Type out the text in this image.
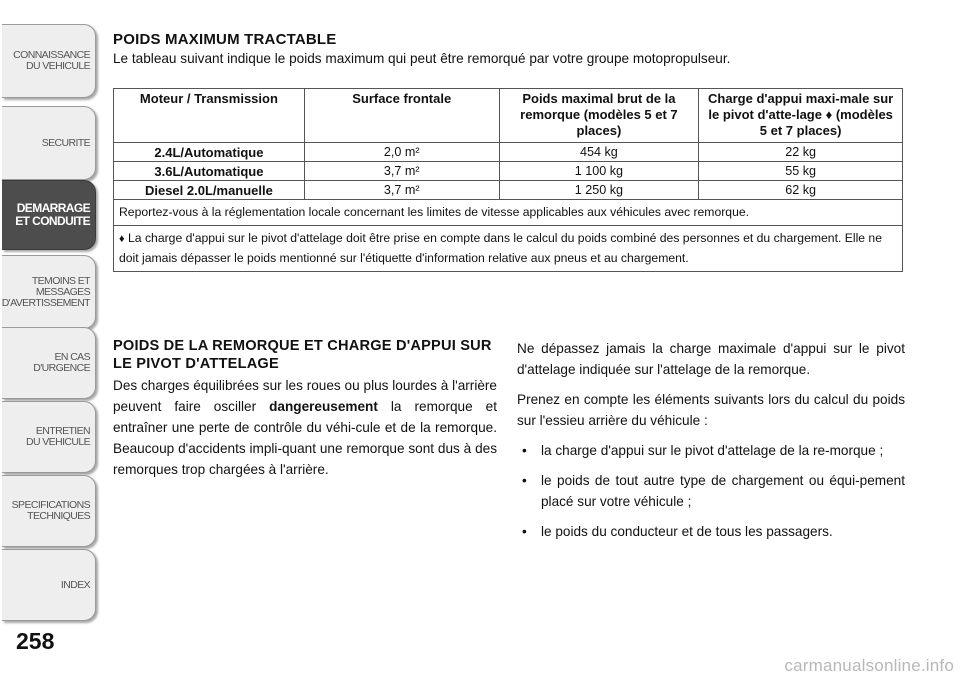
CONNAISSANCE
DU VEHICULE
SECURITE
DEMARRAGE
ET CONDUITE
TEMOINS ET
MESSAGES
D'AVERTISSEMENT
EN CAS
D'URGENCE
ENTRETIEN
DU VEHICULE
SPECIFICATIONS
TECHNIQUES
INDEX
258
POIDS MAXIMUM TRACTABLE
Le tableau suivant indique le poids maximum qui peut être remorqué par votre groupe motopropulseur.
Moteur / Transmission	Surface frontale	Poids maximal brut de la remorque (modèles 5 et 7 places)	Charge d'appui maxi-male sur le pivot d'atte-lage ♦ (modèles 5 et 7 places)
2.4L/Automatique	2,0 m²	454 kg	22 kg
3.6L/Automatique	3,7 m²	1 100 kg	55 kg
Diesel 2.0L/manuelle	3,7 m²	1 250 kg	62 kg
Reportez-vous à la réglementation locale concernant les limites de vitesse applicables aux véhicules avec remorque.			
♦ La charge d'appui sur le pivot d'attelage doit être prise en compte dans le calcul du poids combiné des personnes et du chargement. Elle ne doit jamais dépasser le poids mentionné sur l'étiquette d'information relative aux pneus et au chargement.			
POIDS DE LA REMORQUE ET CHARGE D'APPUI SUR LE PIVOT D'ATTELAGE

Des charges équilibrées sur les roues ou plus lourdes à l'arrière peuvent faire osciller dangereusement la remorque et entraîner une perte de contrôle du véhi-cule et de la remorque. Beaucoup d'accidents impli-quant une remorque sont dus à des remorques trop chargées à l'arrière.

Ne dépassez jamais la charge maximale d'appui sur le pivot d'attelage indiquée sur l'attelage de la remorque.

Prenez en compte les éléments suivants lors du calcul du poids sur l'essieu arrière du véhicule :

• la charge d'appui sur le pivot d'attelage de la re-morque ;
• le poids de tout autre type de chargement ou équi-pement placé sur votre véhicule ;
• le poids du conducteur et de tous les passagers.
carmanualsonline.info
